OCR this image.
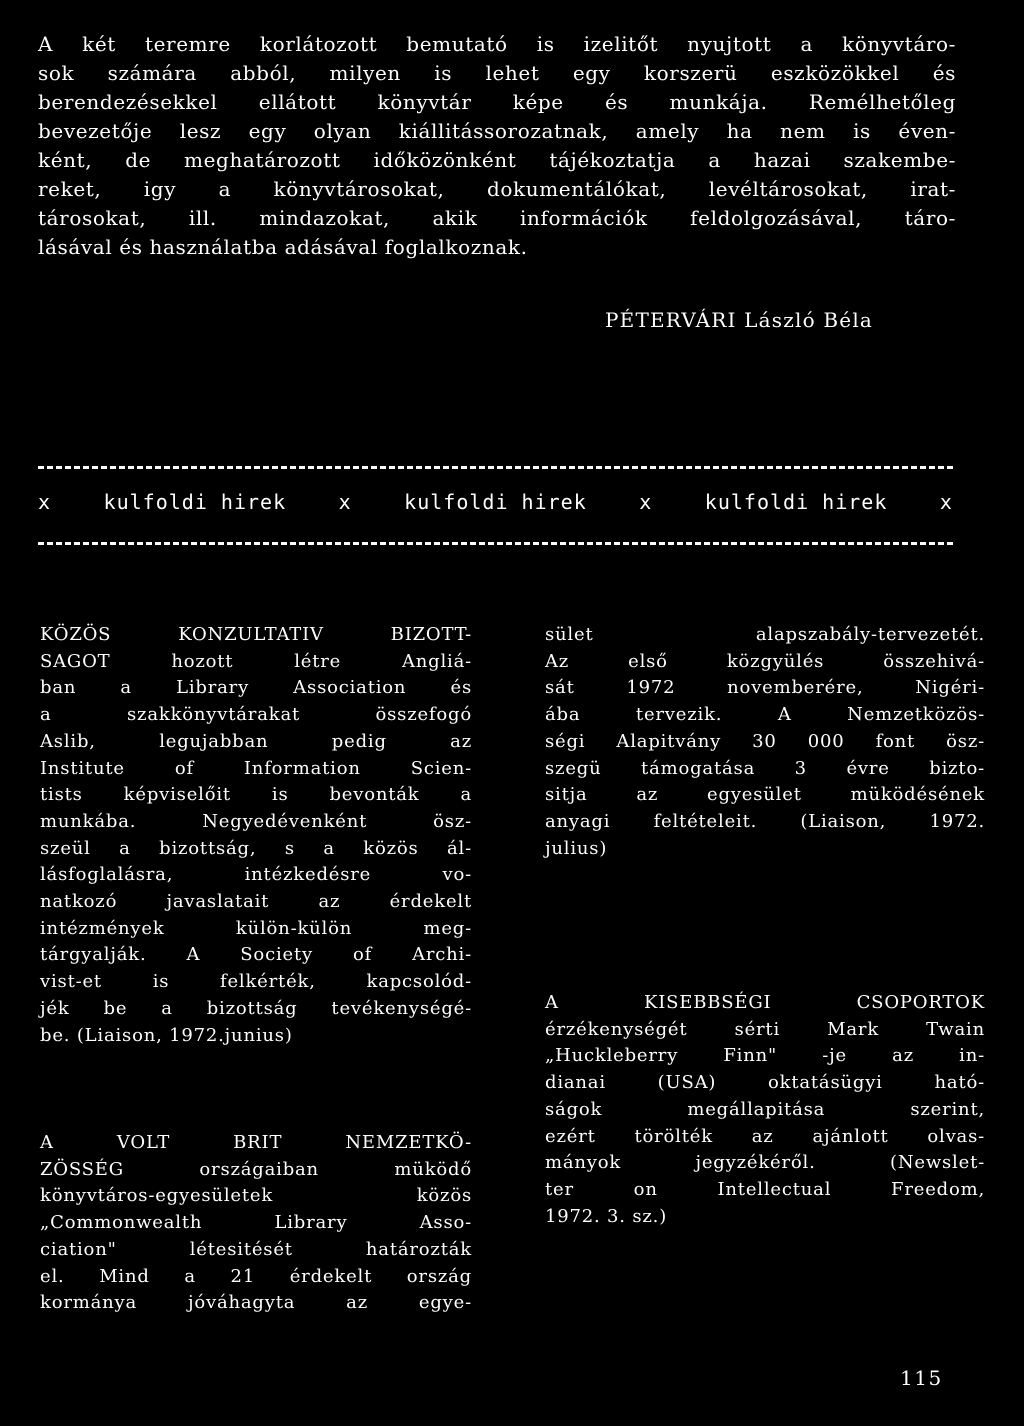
A két teremre korlátozott bemutató is izelitőt nyujtott a könyvtáro-
sok számára abból, milyen is lehet egy korszerü eszközökkel és
berendezésekkel ellátott könyvtár képe és munkája. Remélhetőleg
bevezetője lesz egy olyan kiállitássorozatnak, amely ha nem is éven-
ként, de meghatározott időközönként tájékoztatja a hazai szakembe-
reket, igy a könyvtárosokat, dokumentálókat, levéltárosokat, irat-
tárosokat, ill. mindazokat, akik információk feldolgozásával, táro-
lásával és használatba adásával foglalkoznak.
PÉTERVÁRI László Béla
x	kulfoldi hirek	x	kulfoldi hirek	x	kulfoldi hirek	x
KÖZÖS KONZULTATIV BIZOTT-
SAGOT hozott létre Angliá-
ban a Library Association és
a szakkönyvtárakat összefogó
Aslib, legujabban pedig az
Institute of Information Scien-
tists képviselőit is bevonták a
munkába. Negyedévenként ösz-
szeül a bizottság, s a közös ál-
lásfoglalásra, intézkedésre vo-
natkozó javaslatait az érdekelt
intézmények külön-külön meg-
tárgyalják. A Society of Archi-
vist-et is felkérték, kapcsolód-
jék be a bizottság tevékenységé-
be. (Liaison, 1972.junius)
A VOLT BRIT NEMZETKÖ-
ZÖSSÉG országaiban müködő
könyvtáros-egyesületek közös
„Commonwealth Library Asso-
ciation" létesitését határozták
el. Mind a 21 érdekelt ország
kormánya jóváhagyta az egye-
sület alapszabály-tervezetét.
Az első közgyülés összehivá-
sát 1972 novemberére, Nigéri-
ába tervezik. A Nemzetközös-
ségi Alapitvány 30 000 font ösz-
szegü támogatása 3 évre bizto-
sitja az egyesület müködésének
anyagi feltételeit. (Liaison, 1972.
julius)
A KISEBBSÉGI CSOPORTOK
érzékenységét sérti Mark Twain
„Huckleberry Finn" -je az in-
dianai (USA) oktatásügyi ható-
ságok megállapitása szerint,
ezért törölték az ajánlott olvas-
mányok jegyzékéről. (Newslet-
ter on Intellectual Freedom,
1972. 3. sz.)
115
